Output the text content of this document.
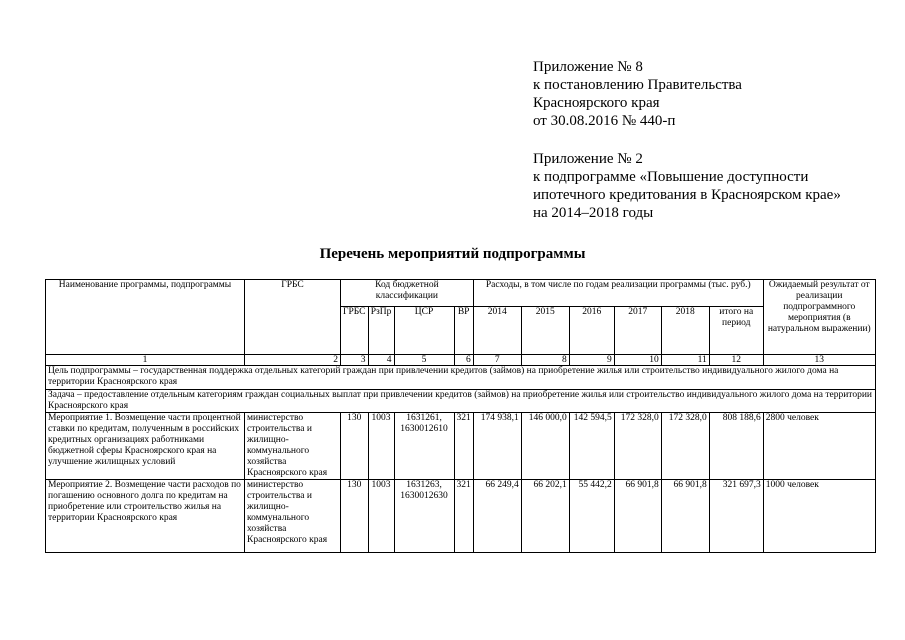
Приложение № 8
к постановлению Правительства
Красноярского края
от 30.08.2016 № 440-п
Приложение № 2
к подпрограмме «Повышение доступности
ипотечного кредитования в Красноярском крае»
на 2014–2018 годы
Перечень мероприятий подпрограммы
Наименование программы, подпрограммы	ГРБС	Код бюджетной классификации				Расходы, в том числе по годам реализации программы (тыс. руб.)						Ожидаемый результат от реализации подпрограммного мероприятия (в натуральном выражении)
		ГРБС	РзПр	ЦСР	ВР	2014	2015	2016	2017	2018	итого на период	
1	2	3	4	5	6	7	8	9	10	11	12	13
Цель подпрограммы – государственная поддержка отдельных категорий граждан при привлечении кредитов (займов) на приобретение жилья или строительство индивидуального жилого дома на территории Красноярского края												
Задача – предоставление отдельным категориям граждан социальных выплат при привлечении кредитов (займов) на приобретение жилья или строительство индивидуального жилого дома на территории Красноярского края												
Мероприятие 1. Возмещение части процентной ставки по кредитам, полученным в российских кредитных организациях работниками бюджетной сферы Красноярского края на улучшение жилищных условий	министерство строительства и жилищно-коммунального хозяйства Красноярского края	130	1003	1631261, 1630012610	321	174 938,1	146 000,0	142 594,5	172 328,0	172 328,0	808 188,6	2800 человек
Мероприятие 2. Возмещение части расходов по погашению основного долга по кредитам на приобретение или строительство жилья на территории Красноярского края	министерство строительства и жилищно-коммунального хозяйства Красноярского края	130	1003	1631263, 1630012630	321	66 249,4	66 202,1	55 442,2	66 901,8	66 901,8	321 697,3	1000 человек
